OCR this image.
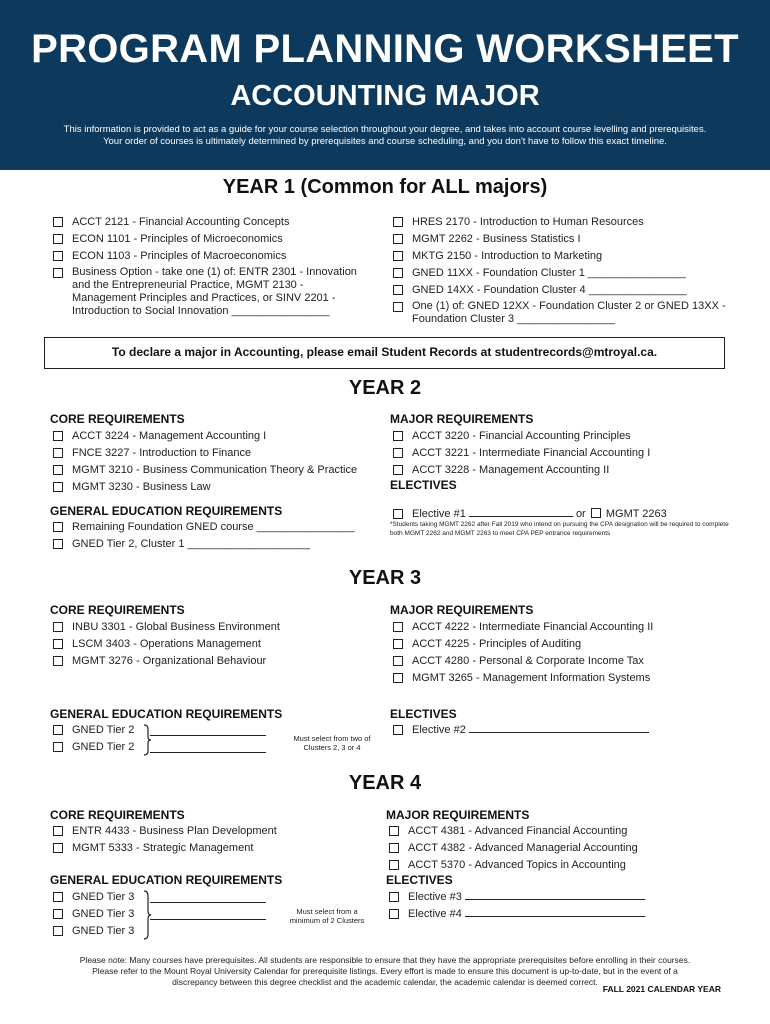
PROGRAM PLANNING WORKSHEET
ACCOUNTING MAJOR

This information is provided to act as a guide for your course selection throughout your degree, and takes into account course levelling and prerequisites.

Your order of courses is ultimately determined by prerequisites and course scheduling, and you don't have to follow this exact timeline.

YEAR 1 (Common for ALL majors)
ACCT 2121 - Financial Accounting Concepts
ECON 1101 - Principles of Microeconomics
ECON 1103 - Principles of Macroeconomics
Business Option - take one (1) of: ENTR 2301 - Innovation and the Entrepreneurial Practice, MGMT 2130 - Management Principles and Practices, or SINV 2201 - Introduction to Social Innovation ________________
HRES 2170 - Introduction to Human Resources
MGMT 2262 - Business Statistics I
MKTG 2150 - Introduction to Marketing
GNED 11XX - Foundation Cluster 1 ________________
GNED 14XX - Foundation Cluster 4 ________________
One (1) of: GNED 12XX - Foundation Cluster 2 or GNED 13XX - Foundation Cluster 3 ________________
To declare a major in Accounting, please email Student Records at studentrecords@mtroyal.ca.
YEAR 2
CORE REQUIREMENTS
ACCT 3224 - Management Accounting I
FNCE 3227 - Introduction to Finance
MGMT 3210 - Business Communication Theory & Practice
MGMT 3230 - Business Law
MAJOR REQUIREMENTS
ACCT 3220 - Financial Accounting Principles
ACCT 3221 - Intermediate Financial Accounting I
ACCT 3228 - Management Accounting II
ELECTIVES
Elective #1	or MGMT 2263
*Students taking MGMT 2262 after Fall 2019 who intend on pursuing the CPA designation will be required to complete both MGMT 2262 and MGMT 2263 to meet CPA PEP entrance requirements
GENERAL EDUCATION REQUIREMENTS
Remaining Foundation GNED course ________________
GNED Tier 2, Cluster 1 ____________________
YEAR 3
CORE REQUIREMENTS
INBU 3301 - Global Business Environment
LSCM 3403 - Operations Management
MGMT 3276 - Organizational Behaviour
MAJOR REQUIREMENTS
ACCT 4222 - Intermediate Financial Accounting II
ACCT 4225 - Principles of Auditing
ACCT 4280 - Personal & Corporate Income Tax
MGMT 3265 - Management Information Systems
GENERAL EDUCATION REQUIREMENTS
GNED Tier 2
GNED Tier 2
Must select from two of Clusters 2, 3 or 4
ELECTIVES
Elective #2
YEAR 4
CORE REQUIREMENTS
ENTR 4433 - Business Plan Development
MGMT 5333 - Strategic Management
MAJOR REQUIREMENTS
ACCT 4381 - Advanced Financial Accounting
ACCT 4382 - Advanced Managerial Accounting
ACCT 5370 - Advanced Topics in Accounting
GENERAL EDUCATION REQUIREMENTS
GNED Tier 3
GNED Tier 3
GNED Tier 3
Must select from a minimum of 2 Clusters
ELECTIVES
Elective #3
Elective #4
Please note: Many courses have prerequisites. All students are responsible to ensure that they have the appropriate prerequisites before enrolling in their courses.
Please refer to the Mount Royal University Calendar for prerequisite listings. Every effort is made to ensure this document is up-to-date, but in the event of a
discrepancy between this degree checklist and the academic calendar, the academic calendar is deemed correct.
FALL 2021 CALENDAR YEAR
